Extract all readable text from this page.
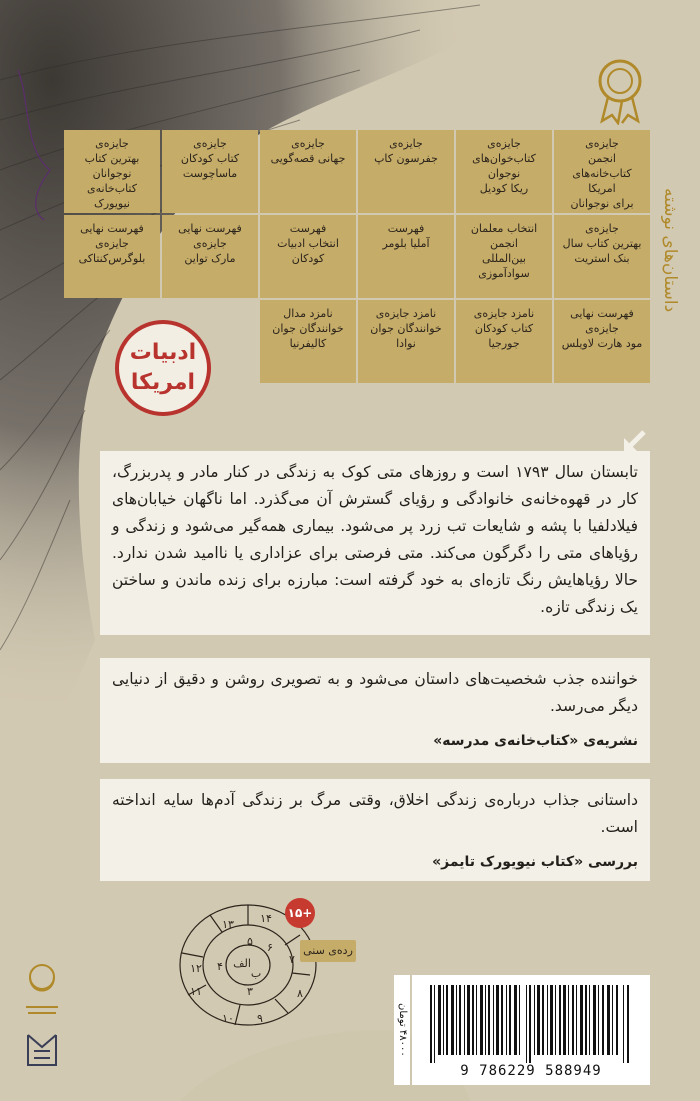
داستان‌های نوشته
جایزه‌ی
انجمن
کتاب‌خانه‌های
امریکا
برای نوجوانان
جایزه‌ی
کتاب‌خوان‌های
نوجوان
ریکا کودیل
جایزه‌ی
جفرسون کاپ
جایزه‌ی
جهانی قصه‌گویی
جایزه‌ی
کتاب کودکان
ماساچوست
جایزه‌ی
بهترین کتاب
نوجوانان
کتاب‌خانه‌ی
نیویورک
جایزه‌ی
بهترین کتاب سال
بنک استریت
انتخاب معلمان
انجمن
بین‌المللی
سوادآموزی
فهرست
آملیا بلومر
فهرست
انتخاب ادبیات
کودکان
فهرست نهایی
جایزه‌ی
مارک تواین
فهرست نهایی
جایزه‌ی
بلوگرس‌کنتاکی
فهرست نهایی
جایزه‌ی
مود هارت لاویلس
نامزد جایزه‌ی
کتاب کودکان
جورجیا
نامزد جایزه‌ی
خوانندگان جوان
نوادا
نامزد مدال
خوانندگان جوان
کالیفرنیا
ادبیات
امریکا
تابستان سال ۱۷۹۳ است و روزهای متی کوک به زندگی در کنار مادر و پدربزرگ، کار در قهوه‌خانه‌ی خانوادگی و رؤیای گسترش آن می‌گذرد. اما ناگهان خیابان‌های فیلادلفیا با پشه و شایعات تب زرد پر می‌شود. بیماری همه‌گیر می‌شود و زندگی و رؤیاهای متی را دگرگون می‌کند. متی فرصتی برای عزاداری یا ناامید شدن ندارد. حالا رؤیاهایش رنگ تازه‌ای به خود گرفته است: مبارزه برای زنده ماندن و ساختن یک زندگی تازه.
خواننده جذب شخصیت‌های داستان می‌شود و به تصویری روشن و دقیق از دنیایی دیگر می‌رسد.
نشریه‌ی «کتاب‌خانه‌ی مدرسه»
داستانی جذاب درباره‌ی زندگی اخلاق، وقتی مرگ بر زندگی آدم‌ها سایه انداخته است.
بررسی «کتاب نیویورک تایمز»
۱۴
۱۳
۱۲
۱۱
۱۰ ۹
۸
۷
۶
۵
۴
۳
الف
ب
+۱۵
رده‌ی سنی
۴۸۰۰۰ تومان
9 786229 588949
